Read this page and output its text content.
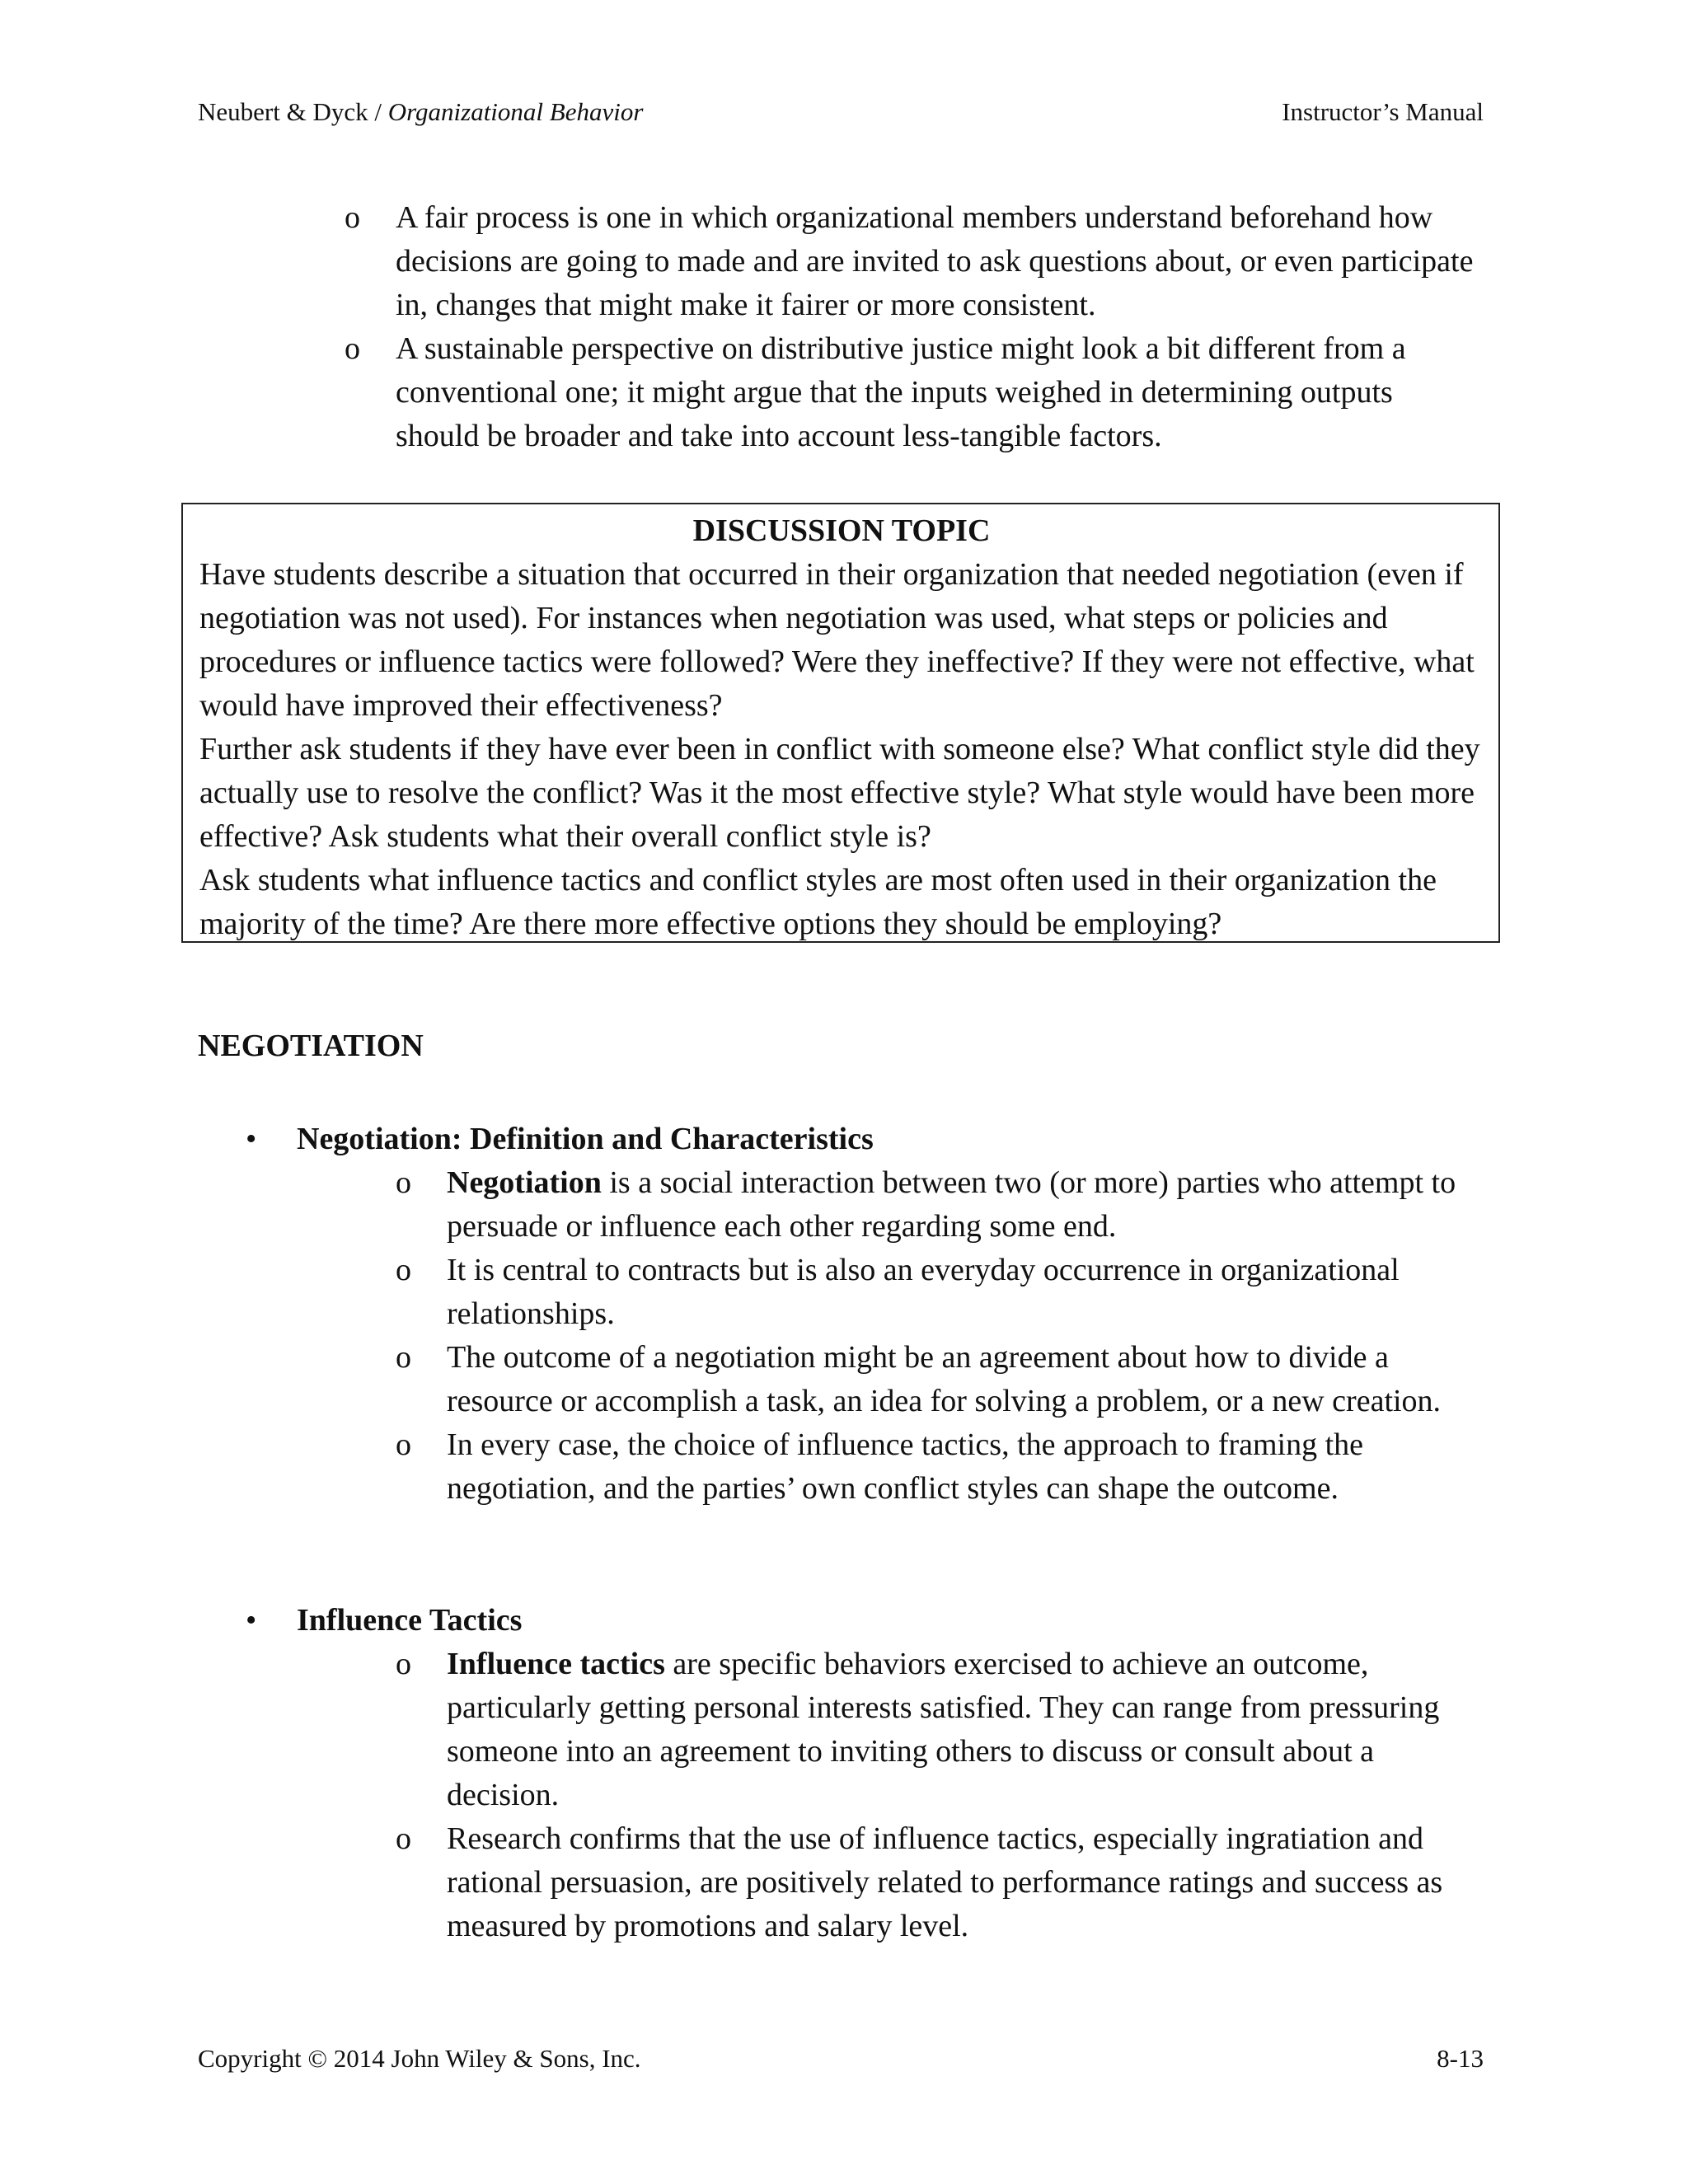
Neubert & Dyck / Organizational Behavior	Instructor’s Manual
o	A fair process is one in which organizational members understand beforehand how decisions are going to made and are invited to ask questions about, or even participate in, changes that might make it fairer or more consistent.
o	A sustainable perspective on distributive justice might look a bit different from a conventional one; it might argue that the inputs weighed in determining outputs should be broader and take into account less-tangible factors.
DISCUSSION TOPIC
Have students describe a situation that occurred in their organization that needed negotiation (even if negotiation was not used). For instances when negotiation was used, what steps or policies and procedures or influence tactics were followed? Were they ineffective? If they were not effective, what would have improved their effectiveness?
Further ask students if they have ever been in conflict with someone else? What conflict style did they actually use to resolve the conflict? Was it the most effective style? What style would have been more effective? Ask students what their overall conflict style is?
Ask students what influence tactics and conflict styles are most often used in their organization the majority of the time? Are there more effective options they should be employing?
NEGOTIATION
• Negotiation: Definition and Characteristics
o	Negotiation is a social interaction between two (or more) parties who attempt to persuade or influence each other regarding some end.
o	It is central to contracts but is also an everyday occurrence in organizational relationships.
o	The outcome of a negotiation might be an agreement about how to divide a resource or accomplish a task, an idea for solving a problem, or a new creation.
o	In every case, the choice of influence tactics, the approach to framing the negotiation, and the parties’ own conflict styles can shape the outcome.
• Influence Tactics
o	Influence tactics are specific behaviors exercised to achieve an outcome, particularly getting personal interests satisfied. They can range from pressuring someone into an agreement to inviting others to discuss or consult about a decision.
o	Research confirms that the use of influence tactics, especially ingratiation and rational persuasion, are positively related to performance ratings and success as measured by promotions and salary level.
Copyright © 2014 John Wiley & Sons, Inc.	8-13
